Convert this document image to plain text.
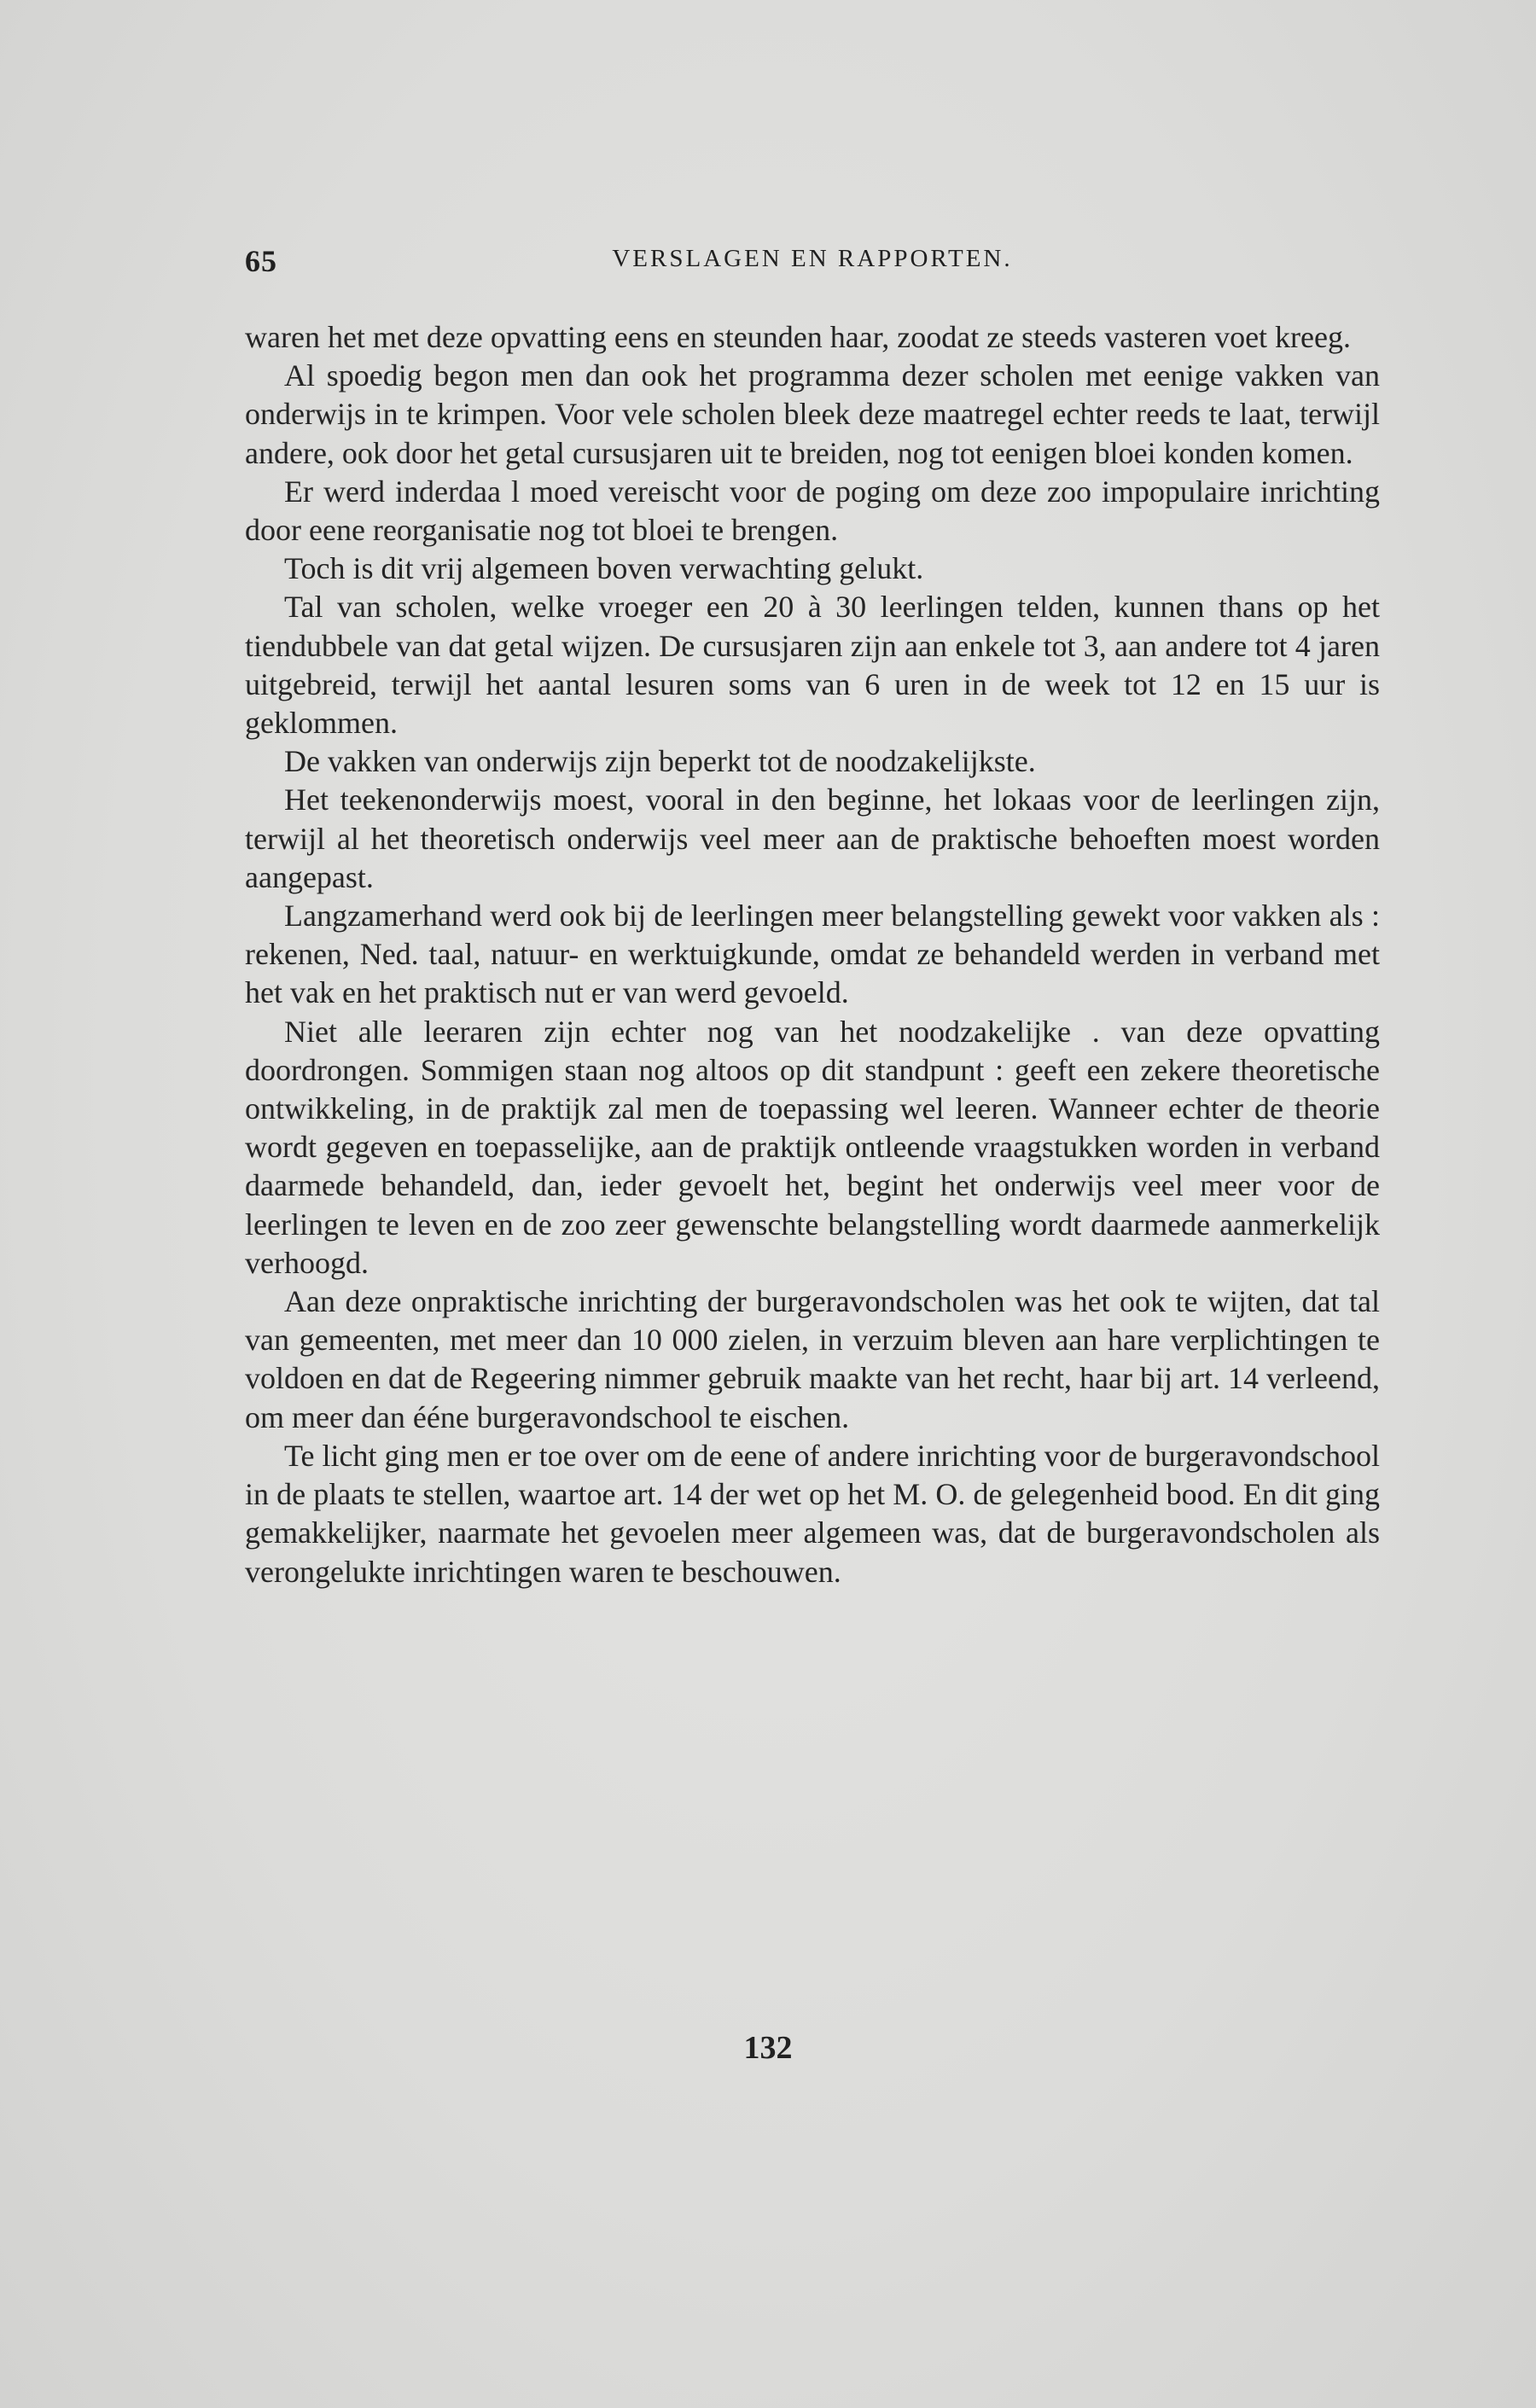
65	VERSLAGEN EN RAPPORTEN.

waren het met deze opvatting eens en steunden haar, zoodat ze steeds vasteren voet kreeg.

Al spoedig begon men dan ook het programma dezer scholen met eenige vakken van onderwijs in te krimpen. Voor vele scholen bleek deze maatregel echter reeds te laat, terwijl andere, ook door het getal cursusjaren uit te breiden, nog tot eenigen bloei konden komen.

Er werd inderdaa l moed vereischt voor de poging om deze zoo impopulaire inrichting door eene reorganisatie nog tot bloei te brengen.

Toch is dit vrij algemeen boven verwachting gelukt.

Tal van scholen, welke vroeger een 20 à 30 leerlingen telden, kunnen thans op het tiendubbele van dat getal wijzen. De cursusjaren zijn aan enkele tot 3, aan andere tot 4 jaren uitgebreid, terwijl het aantal lesuren soms van 6 uren in de week tot 12 en 15 uur is geklommen.

De vakken van onderwijs zijn beperkt tot de noodzakelijkste.

Het teekenonderwijs moest, vooral in den beginne, het lokaas voor de leerlingen zijn, terwijl al het theoretisch onderwijs veel meer aan de praktische behoeften moest worden aangepast.

Langzamerhand werd ook bij de leerlingen meer belangstelling gewekt voor vakken als : rekenen, Ned. taal, natuur- en werktuigkunde, omdat ze behandeld werden in verband met het vak en het praktisch nut er van werd gevoeld.

Niet alle leeraren zijn echter nog van het noodzakelijke . van deze opvatting doordrongen. Sommigen staan nog altoos op dit standpunt : geeft een zekere theoretische ontwikkeling, in de praktijk zal men de toepassing wel leeren. Wanneer echter de theorie wordt gegeven en toepasselijke, aan de praktijk ontleende vraagstukken worden in verband daarmede behandeld, dan, ieder gevoelt het, begint het onderwijs veel meer voor de leerlingen te leven en de zoo zeer gewenschte belangstelling wordt daarmede aanmerkelijk verhoogd.

Aan deze onpraktische inrichting der burgeravondscholen was het ook te wijten, dat tal van gemeenten, met meer dan 10 000 zielen, in verzuim bleven aan hare verplichtingen te voldoen en dat de Regeering nimmer gebruik maakte van het recht, haar bij art. 14 verleend, om meer dan ééne burgeravondschool te eischen.

Te licht ging men er toe over om de eene of andere inrichting voor de burgeravondschool in de plaats te stellen, waartoe art. 14 der wet op het M. O. de gelegenheid bood. En dit ging gemakkelijker, naarmate het gevoelen meer algemeen was, dat de burgeravondscholen als verongelukte inrichtingen waren te beschouwen.

132
